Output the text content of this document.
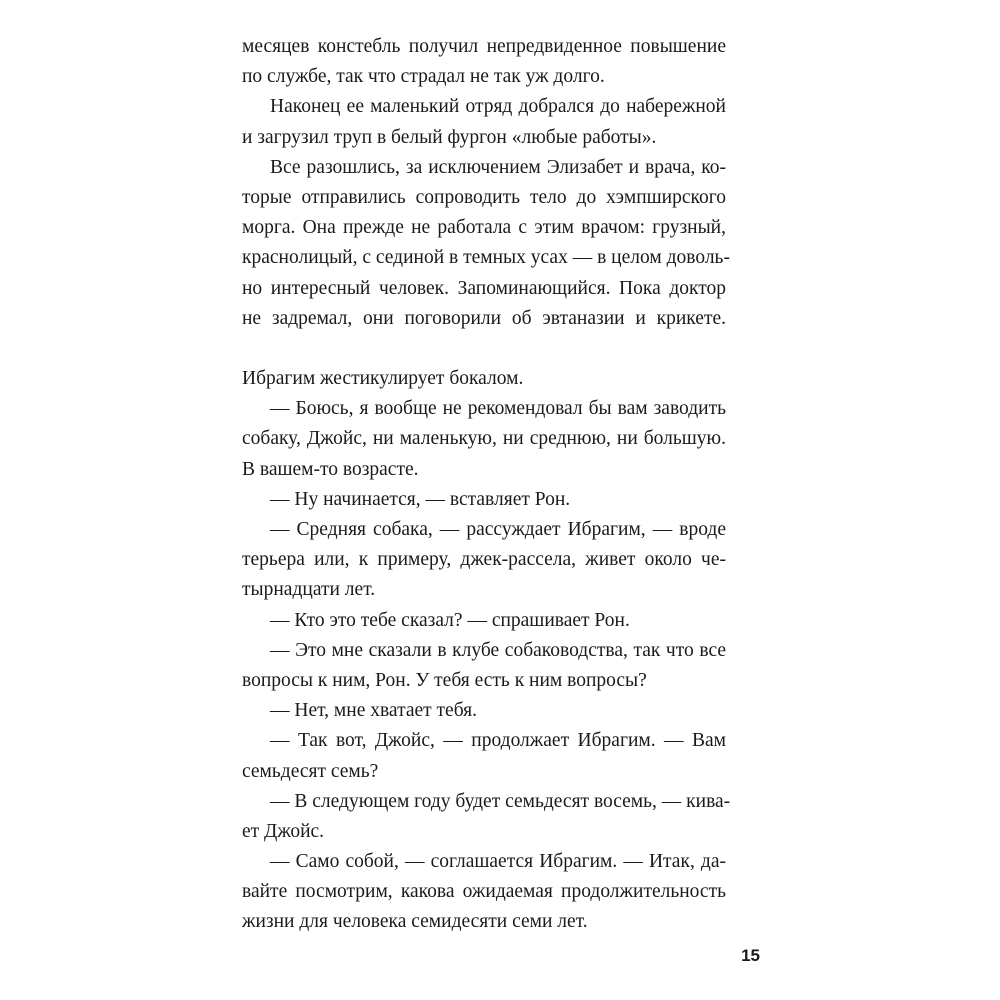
месяцев констебль получил непредвиденное повышение
по службе, так что страдал не так уж долго.
Наконец ее маленький отряд добрался до набережной
и загрузил труп в белый фургон «любые работы».
Все разошлись, за исключением Элизабет и врача, ко-
торые отправились сопроводить тело до хэмпширского
морга. Она прежде не работала с этим врачом: грузный,
краснолицый, с сединой в темных усах — в целом доволь-
но интересный человек. Запоминающийся. Пока доктор
не задремал, они поговорили об эвтаназии и крикете.
Ибрагим жестикулирует бокалом.
— Боюсь, я вообще не рекомендовал бы вам заводить
собаку, Джойс, ни маленькую, ни среднюю, ни большую.
В вашем-то возрасте.
— Ну начинается, — вставляет Рон.
— Средняя собака, — рассуждает Ибрагим, — вроде
терьера или, к примеру, джек-рассела, живет около че-
тырнадцати лет.
— Кто это тебе сказал? — спрашивает Рон.
— Это мне сказали в клубе собаководства, так что все
вопросы к ним, Рон. У тебя есть к ним вопросы?
— Нет, мне хватает тебя.
— Так вот, Джойс, — продолжает Ибрагим. — Вам
семьдесят семь?
— В следующем году будет семьдесят восемь, — кива-
ет Джойс.
— Само собой, — соглашается Ибрагим. — Итак, да-
вайте посмотрим, какова ожидаемая продолжительность
жизни для человека семидесяти семи лет.
15
